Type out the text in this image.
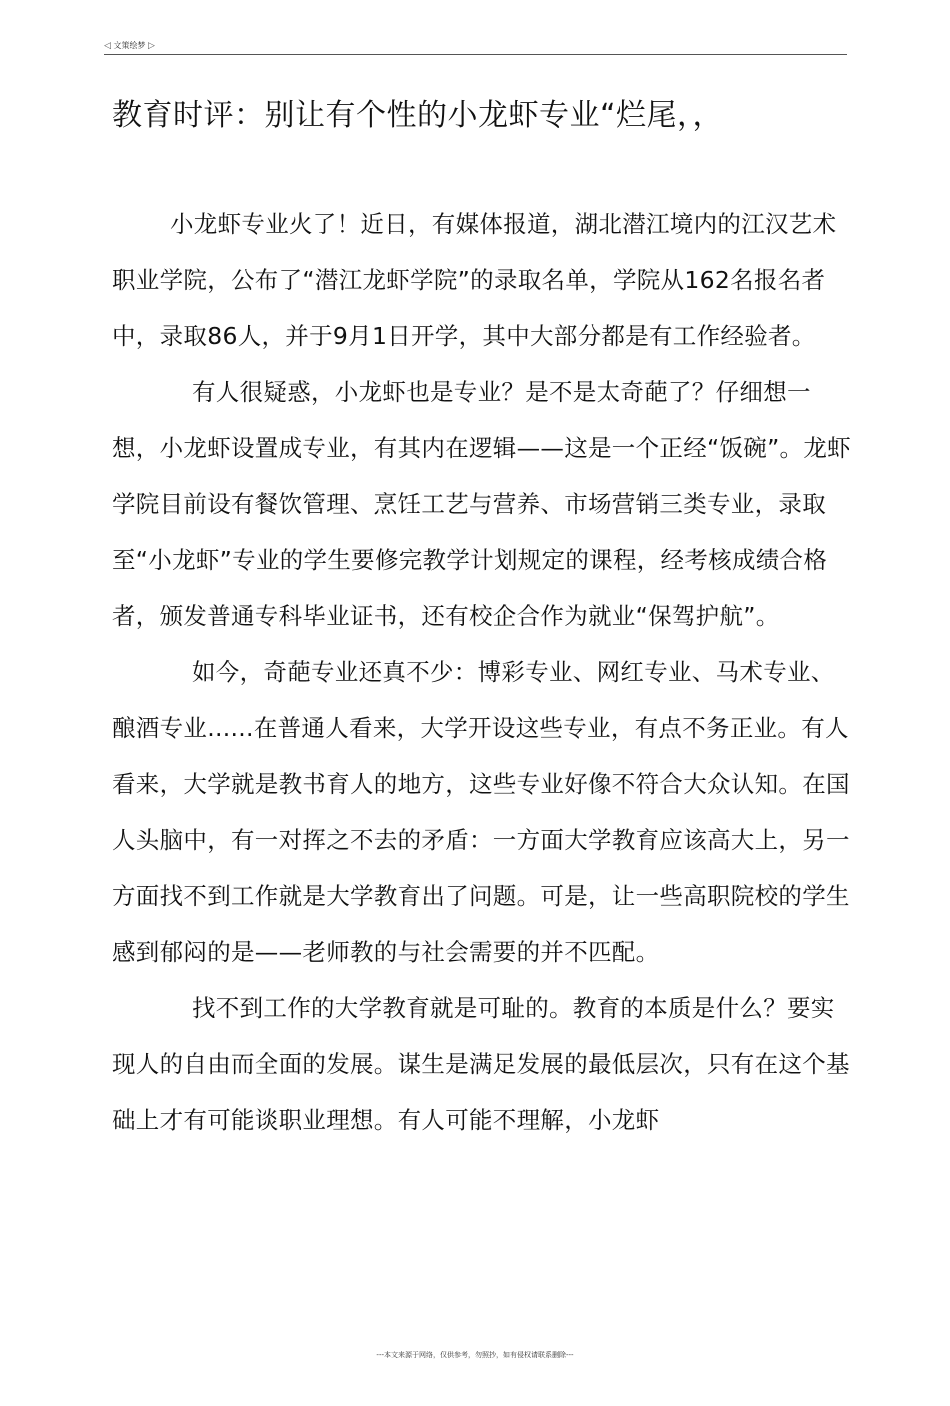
◁ 文策绘梦 ▷
教育时评：别让有个性的小龙虾专业“烂尾，，

小龙虾专业火了！近日，有媒体报道，湖北潜江境内的江汉艺术职业学院，公布了“潜江龙虾学院”的录取名单，学院从162名报名者中，录取86人，并于9月1日开学，其中大部分都是有工作经验者。

有人很疑惑，小龙虾也是专业？是不是太奇葩了？仔细想一想，小龙虾设置成专业，有其内在逻辑——这是一个正经“饭碗”。龙虾学院目前设有餐饮管理、烹饪工艺与营养、市场营销三类专业，录取至“小龙虾”专业的学生要修完教学计划规定的课程，经考核成绩合格者，颁发普通专科毕业证书，还有校企合作为就业“保驾护航”。

如今，奇葩专业还真不少：博彩专业、网红专业、马术专业、酿酒专业......在普通人看来，大学开设这些专业，有点不务正业。有人看来，大学就是教书育人的地方，这些专业好像不符合大众认知。在国人头脑中，有一对挥之不去的矛盾：一方面大学教育应该高大上，另一方面找不到工作就是大学教育出了问题。可是，让一些高职院校的学生感到郁闷的是——老师教的与社会需要的并不匹配。

找不到工作的大学教育就是可耻的。教育的本质是什么？要实现人的自由而全面的发展。谋生是满足发展的最低层次，只有在这个基础上才有可能谈职业理想。有人可能不理解，小龙虾

---本文来源于网络，仅供参考，勿照抄，如有侵权请联系删除---
